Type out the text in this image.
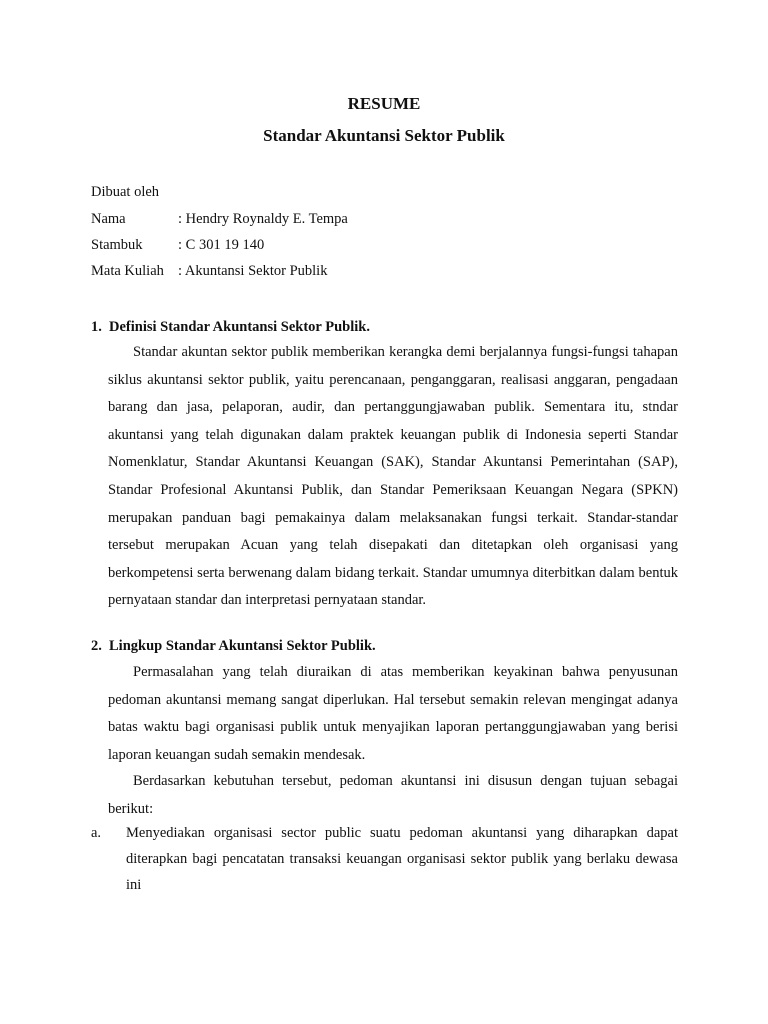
RESUME
Standar Akuntansi Sektor Publik
Dibuat oleh
Nama	: Hendry Roynaldy E. Tempa
Stambuk : C 301 19 140
Mata Kuliah : Akuntansi Sektor Publik
1. Definisi Standar Akuntansi Sektor Publik.

Standar akuntan sektor publik memberikan kerangka demi berjalannya fungsi-fungsi tahapan siklus akuntansi sektor publik, yaitu perencanaan, penganggaran, realisasi anggaran, pengadaan barang dan jasa, pelaporan, audir, dan pertanggungjawaban publik. Sementara itu, stndar akuntansi yang telah digunakan dalam praktek keuangan publik di Indonesia seperti Standar Nomenklatur, Standar Akuntansi Keuangan (SAK), Standar Akuntansi Pemerintahan (SAP), Standar Profesional Akuntansi Publik, dan Standar Pemeriksaan Keuangan Negara (SPKN) merupakan panduan bagi pemakainya dalam melaksanakan fungsi terkait. Standar-standar tersebut merupakan Acuan yang telah disepakati dan ditetapkan oleh organisasi yang berkompetensi serta berwenang dalam bidang terkait. Standar umumnya diterbitkan dalam bentuk pernyataan standar dan interpretasi pernyataan standar.

2. Lingkup Standar Akuntansi Sektor Publik.

Permasalahan yang telah diuraikan di atas memberikan keyakinan bahwa penyusunan pedoman akuntansi memang sangat diperlukan. Hal tersebut semakin relevan mengingat adanya batas waktu bagi organisasi publik untuk menyajikan laporan pertanggungjawaban yang berisi laporan keuangan sudah semakin mendesak.

Berdasarkan kebutuhan tersebut, pedoman akuntansi ini disusun dengan tujuan sebagai berikut:

a. Menyediakan organisasi sector public suatu pedoman akuntansi yang diharapkan dapat diterapkan bagi pencatatan transaksi keuangan organisasi sektor publik yang berlaku dewasa ini
